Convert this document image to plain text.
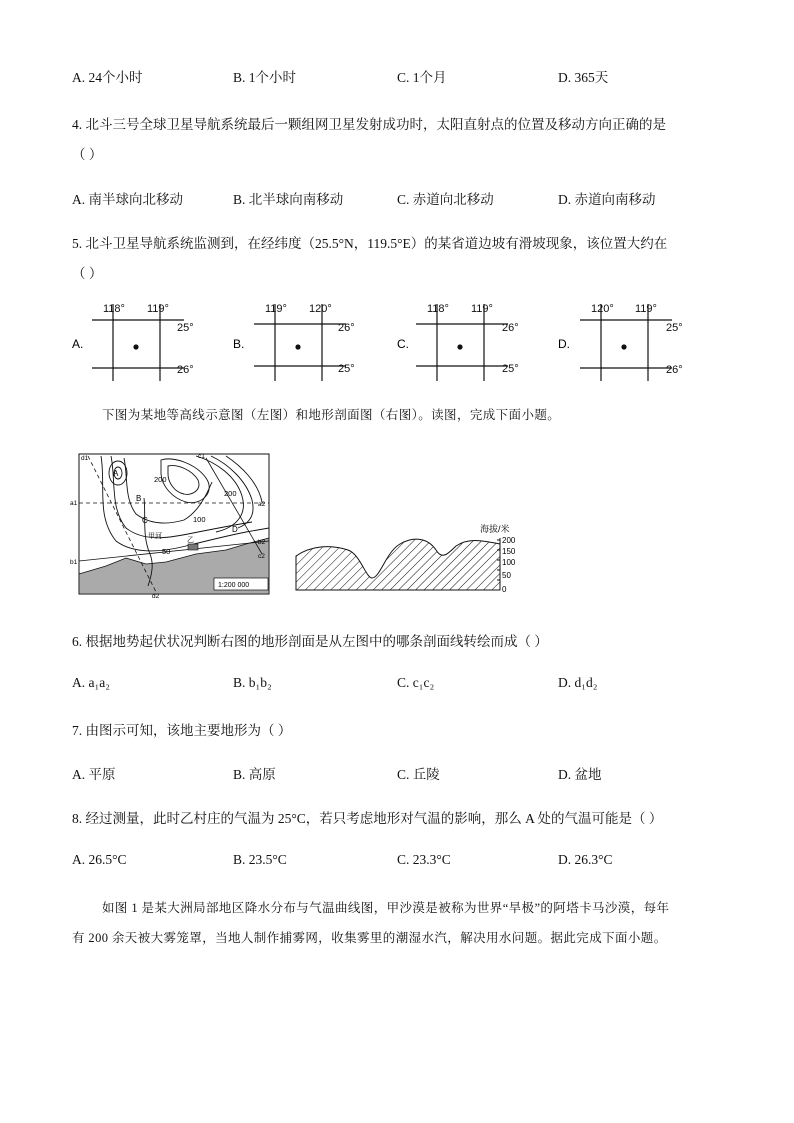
A. 24个小时	B. 1个小时	C. 1个月	D. 365天
4. 北斗三号全球卫星导航系统最后一颗组网卫星发射成功时，太阳直射点的位置及移动方向正确的是
（ ）
A. 南半球向北移动	B. 北半球向南移动	C. 赤道向北移动	D. 赤道向南移动
5. 北斗卫星导航系统监测到，在经纬度（25.5°N，119.5°E）的某省道边坡有滑坡现象，该位置大约在
（ ）
A.
118° 119°
25°
26°
B.
119° 120°
26°
25°
C.
118° 119°
26°
25°
D.
120° 119°
25°
26°
下图为某地等高线示意图（左图）和地形剖面图（右图）。读图，完成下面小题。
A
B
C
D
乙
甲河
200
100
50
200
d1	c1
a1	a2
b1
b2
c2
d2
1:200 000
海拔/米
200
150
100
50
0
6. 根据地势起伏状况判断右图的地形剖面是从左图中的哪条剖面线转绘而成（ ）
A. a₁a₂	B. b₁b₂	C. c₁c₂	D. d₁d₂
7. 由图示可知，该地主要地形为（ ）
A. 平原	B. 高原	C. 丘陵	D. 盆地
8. 经过测量，此时乙村庄的气温为 25°C，若只考虑地形对气温的影响，那么 A 处的气温可能是（ ）
A. 26.5°C	B. 23.5°C	C. 23.3°C	D. 26.3°C
如图 1 是某大洲局部地区降水分布与气温曲线图，甲沙漠是被称为世界“旱极”的阿塔卡马沙漠，每年
有 200 余天被大雾笼罩，当地人制作捕雾网，收集雾里的潮湿水汽，解决用水问题。据此完成下面小题。
